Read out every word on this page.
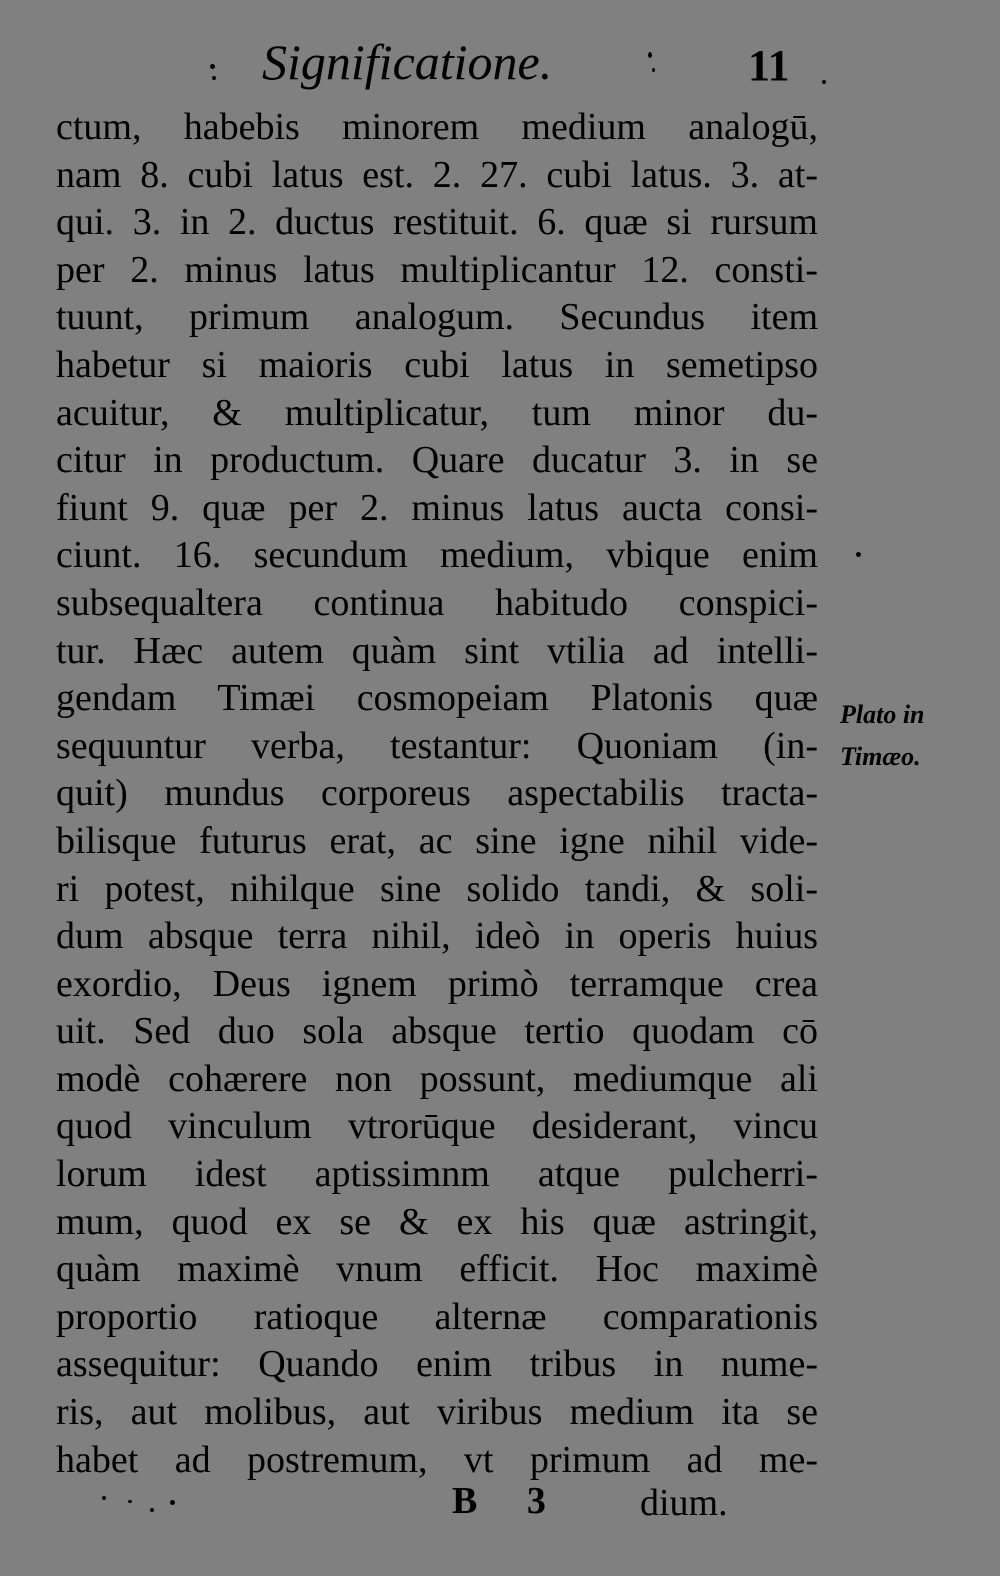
Significatione.	11
ctum, habebis minorem medium analogū,
nam 8. cubi latus est. 2. 27. cubi latus. 3. at-
qui. 3. in 2. ductus restituit. 6. quæ si rursum
per 2. minus latus multiplicantur 12. consti-
tuunt, primum analogum. Secundus item
habetur si maioris cubi latus in semetipso
acuitur, & multiplicatur, tum minor du-
citur in productum. Quare ducatur 3. in se
fiunt 9. quæ per 2. minus latus aucta consi-
ciunt. 16. secundum medium, vbique enim
subsequaltera continua habitudo conspici-
tur. Hæc autem quàm sint vtilia ad intelli-
gendam Timæi cosmopeiam Platonis quæ
sequuntur verba, testantur: Quoniam (in-
quit) mundus corporeus aspectabilis tracta-
bilisque futurus erat, ac sine igne nihil vide-
ri potest, nihilque sine solido tandi, & soli-
dum absque terra nihil, ideò in operis huius
exordio, Deus ignem primò terramque crea
uit. Sed duo sola absque tertio quodam cō
modè cohærere non possunt, mediumque ali
quod vinculum vtrorūque desiderant, vincu
lorum idest aptissimnm atque pulcherri-
mum, quod ex se & ex his quæ astringit,
quàm maximè vnum efficit. Hoc maximè
proportio ratioque alternæ comparationis
assequitur: Quando enim tribus in nume-
ris, aut molibus, aut viribus medium ita se
habet ad postremum, vt primum ad me-
Plato in
Timæo.
B 3 dium.
